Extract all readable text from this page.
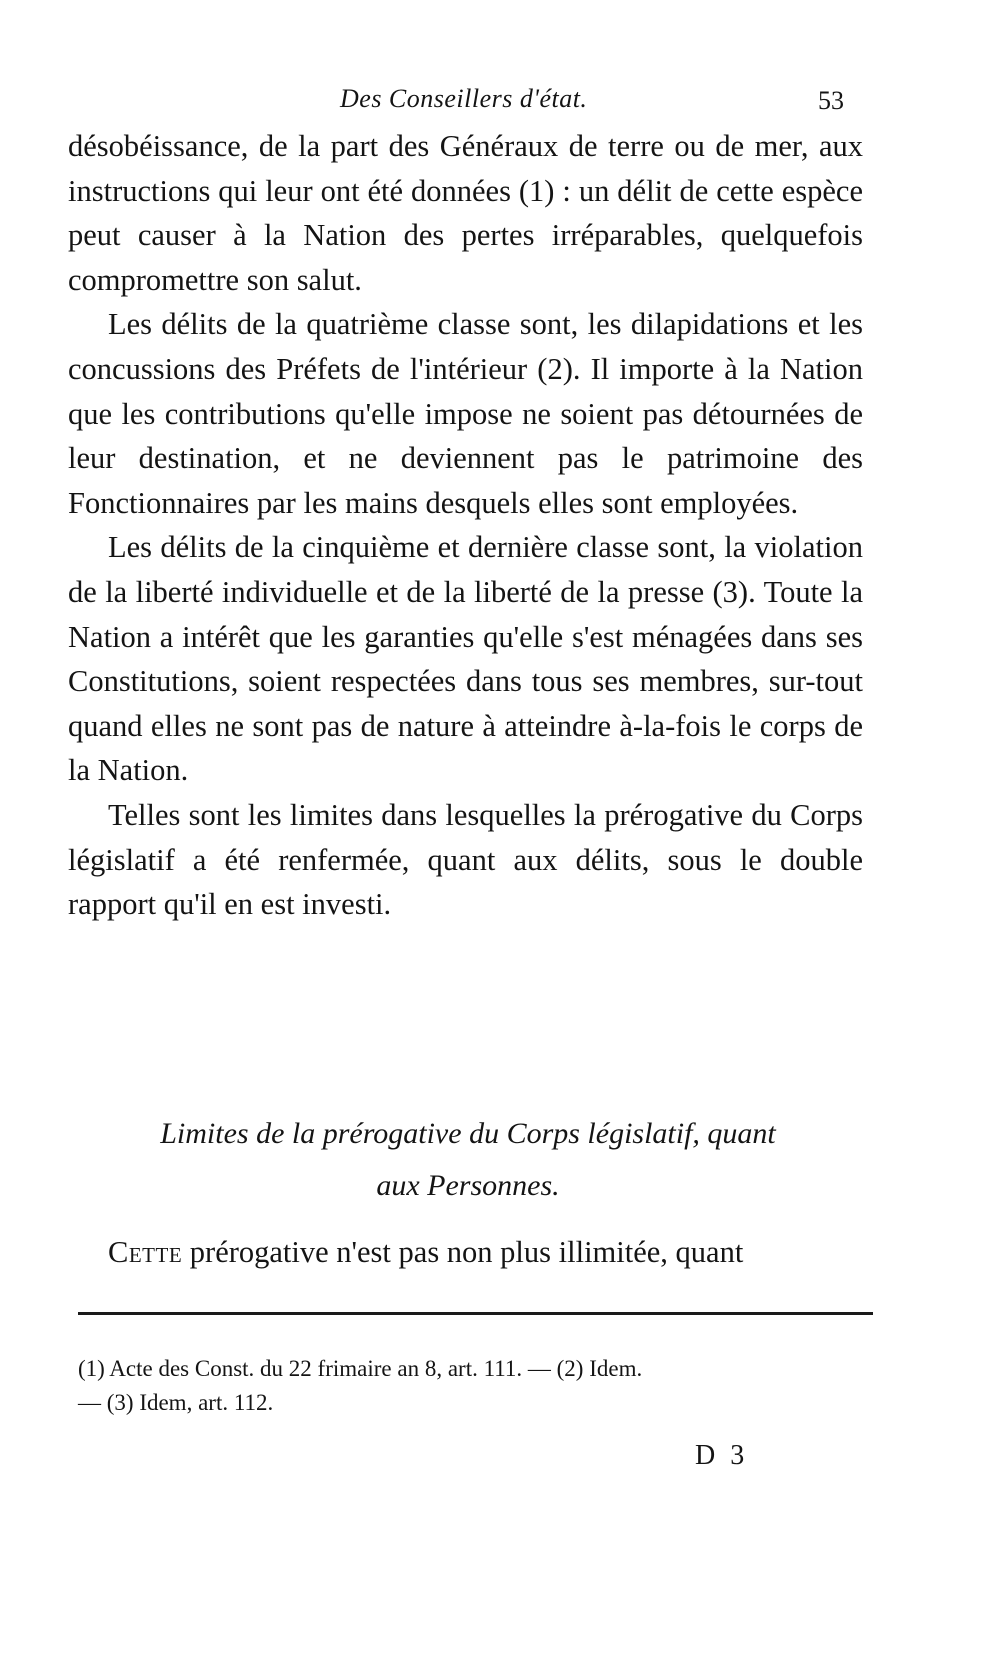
Des Conseillers d'état.	53

désobéissance, de la part des Généraux de terre ou de mer, aux instructions qui leur ont été données (1) : un délit de cette espèce peut causer à la Nation des pertes irréparables, quelquefois compromettre son salut.

Les délits de la quatrième classe sont, les dilapidations et les concussions des Préfets de l'intérieur (2). Il importe à la Nation que les contributions qu'elle impose ne soient pas détournées de leur destination, et ne deviennent pas le patrimoine des Fonctionnaires par les mains desquels elles sont employées.

Les délits de la cinquième et dernière classe sont, la violation de la liberté individuelle et de la liberté de la presse (3). Toute la Nation a intérêt que les garanties qu'elle s'est ménagées dans ses Constitutions, soient respectées dans tous ses membres, sur-tout quand elles ne sont pas de nature à atteindre à-la-fois le corps de la Nation.

Telles sont les limites dans lesquelles la prérogative du Corps législatif a été renfermée, quant aux délits, sous le double rapport qu'il en est investi.

Limites de la prérogative du Corps législatif, quant
aux Personnes.

Cette prérogative n'est pas non plus illimitée, quant

(1) Acte des Const. du 22 frimaire an 8, art. 111. — (2) Idem.

— (3) Idem, art. 112.

D 3
